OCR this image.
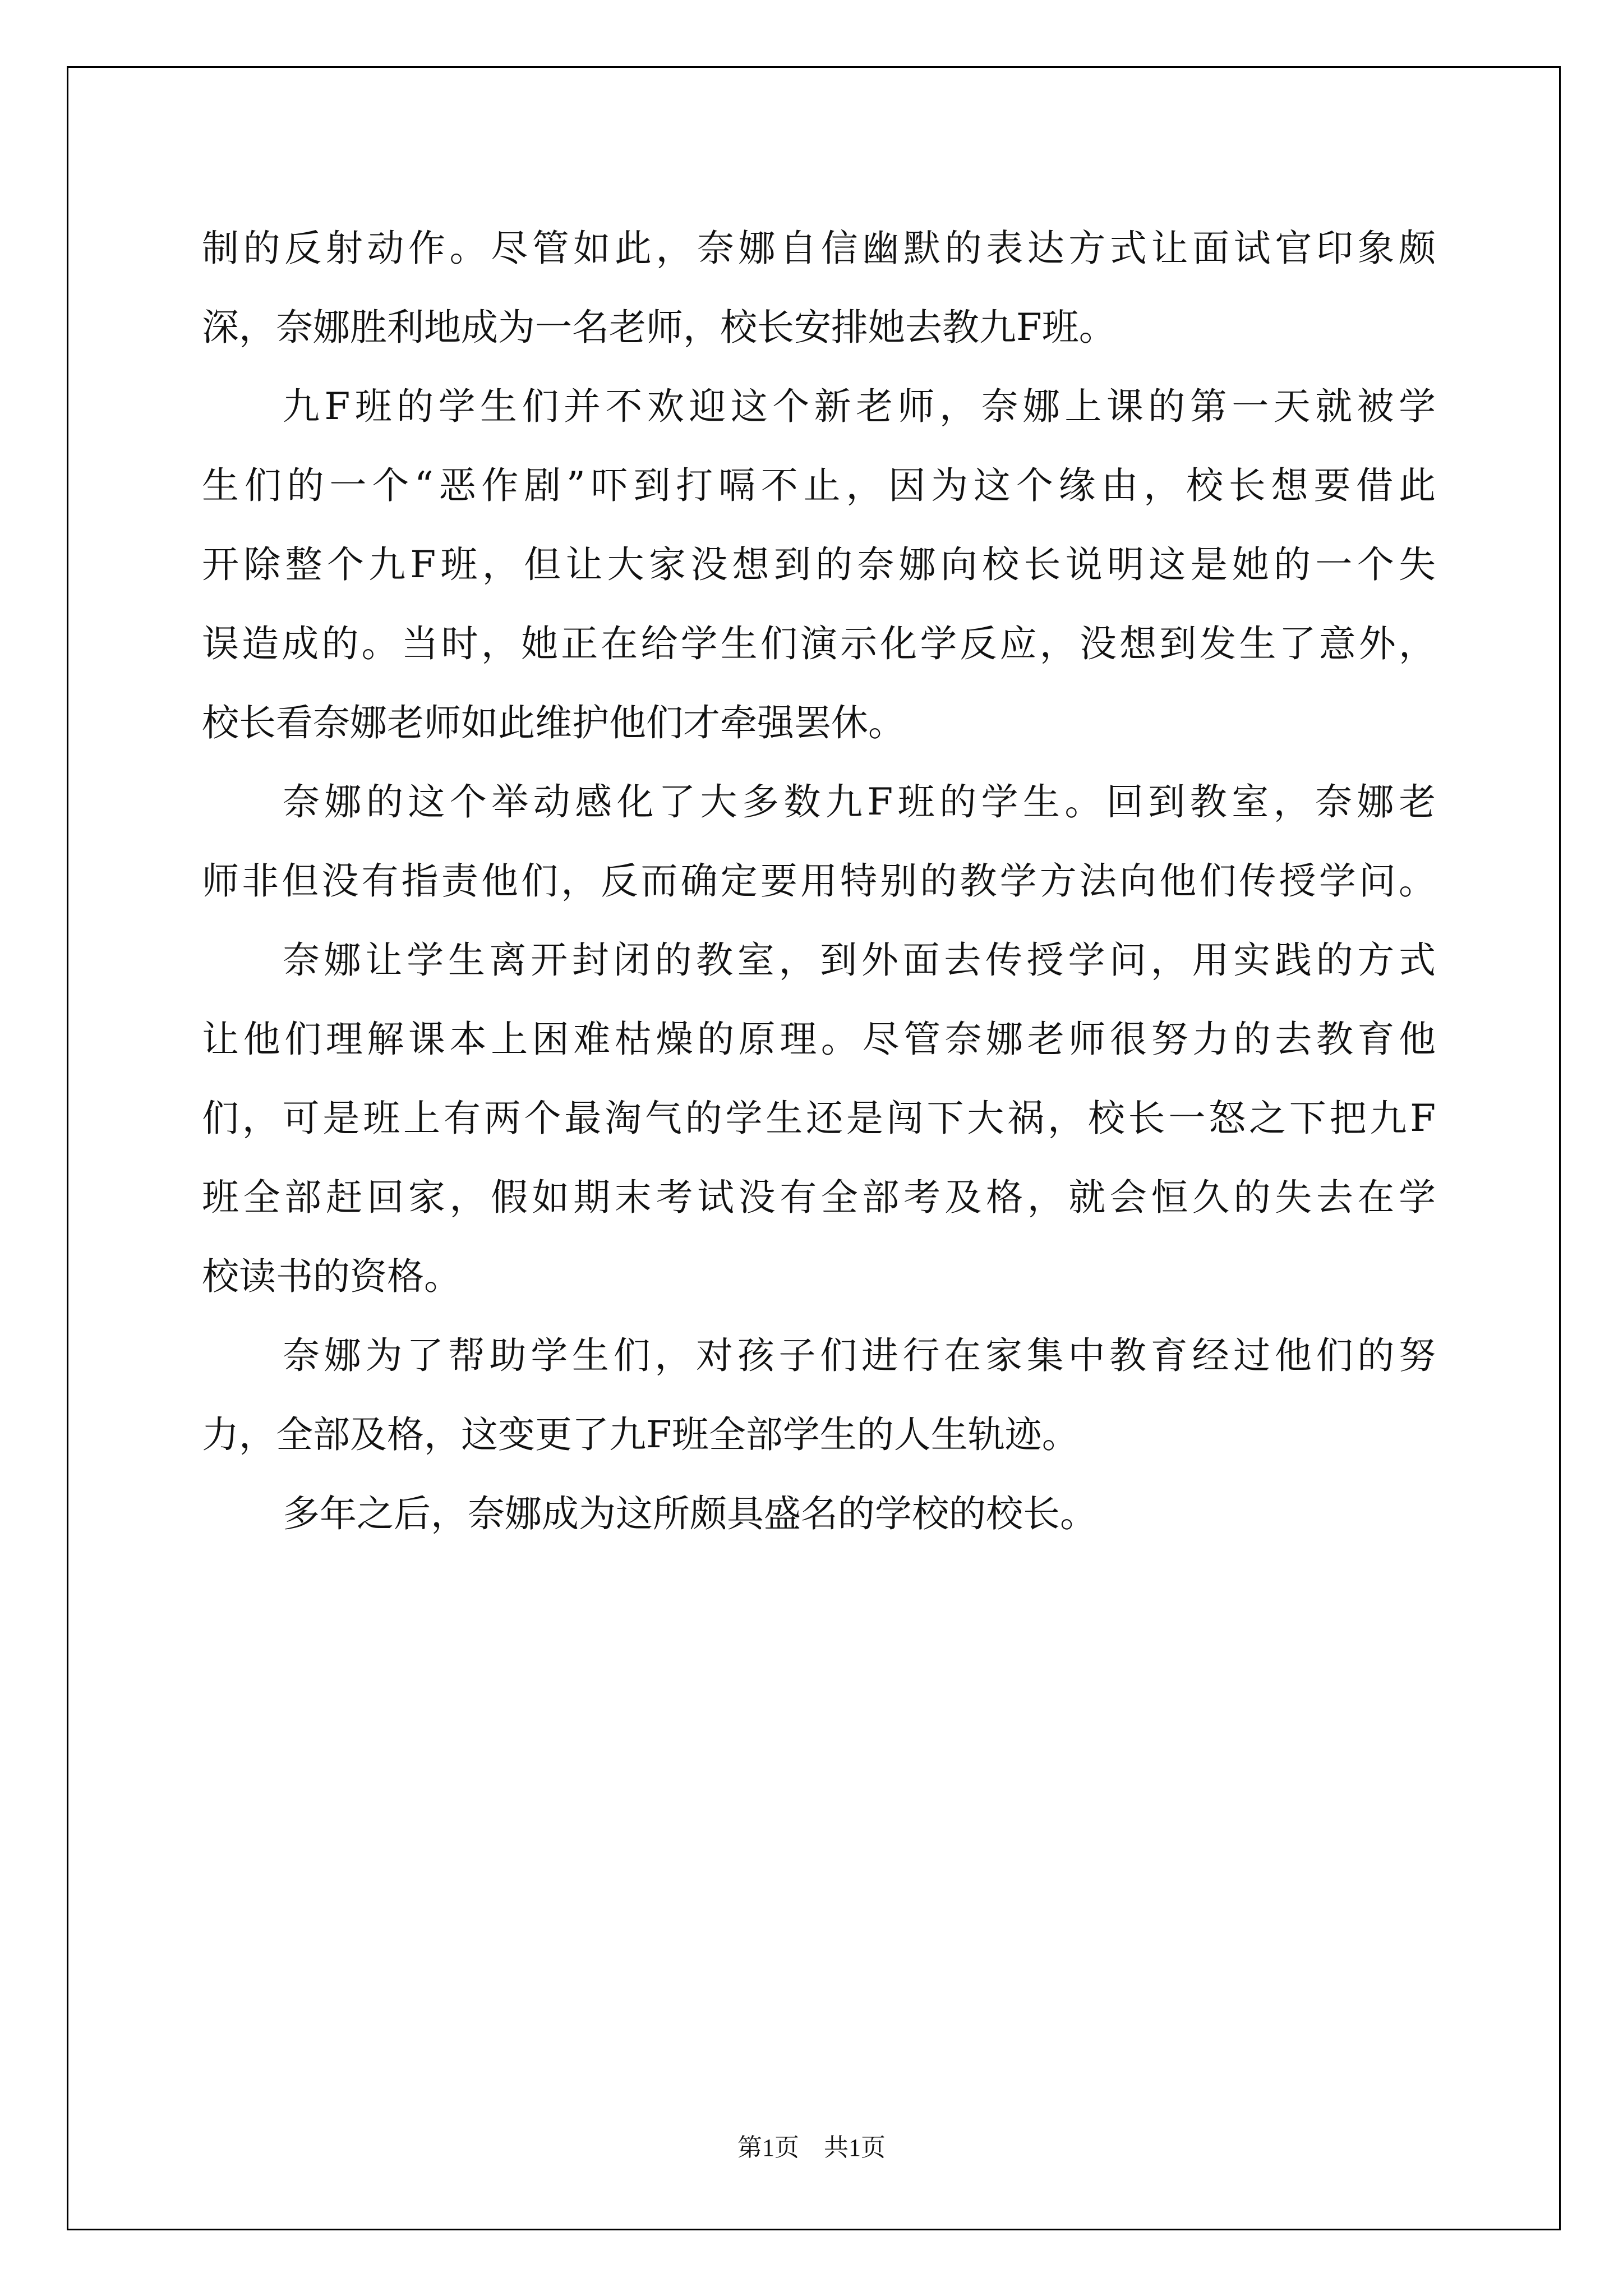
制的反射动作。尽管如此，奈娜自信幽默的表达方式让面试官印象颇
深，奈娜胜利地成为一名老师，校长安排她去教九F班。
九F班的学生们并不欢迎这个新老师，奈娜上课的第一天就被学
生们的一个“恶作剧”吓到打嗝不止，因为这个缘由，校长想要借此
开除整个九F班，但让大家没想到的奈娜向校长说明这是她的一个失
误造成的。当时，她正在给学生们演示化学反应，没想到发生了意外，
校长看奈娜老师如此维护他们才牵强罢休。
奈娜的这个举动感化了大多数九F班的学生。回到教室，奈娜老
师非但没有指责他们，反而确定要用特别的教学方法向他们传授学问。
奈娜让学生离开封闭的教室，到外面去传授学问，用实践的方式
让他们理解课本上困难枯燥的原理。尽管奈娜老师很努力的去教育他
们，可是班上有两个最淘气的学生还是闯下大祸，校长一怒之下把九F
班全部赶回家，假如期末考试没有全部考及格，就会恒久的失去在学
校读书的资格。
奈娜为了帮助学生们，对孩子们进行在家集中教育经过他们的努
力，全部及格，这变更了九F班全部学生的人生轨迹。
多年之后，奈娜成为这所颇具盛名的学校的校长。
第1页　共1页
